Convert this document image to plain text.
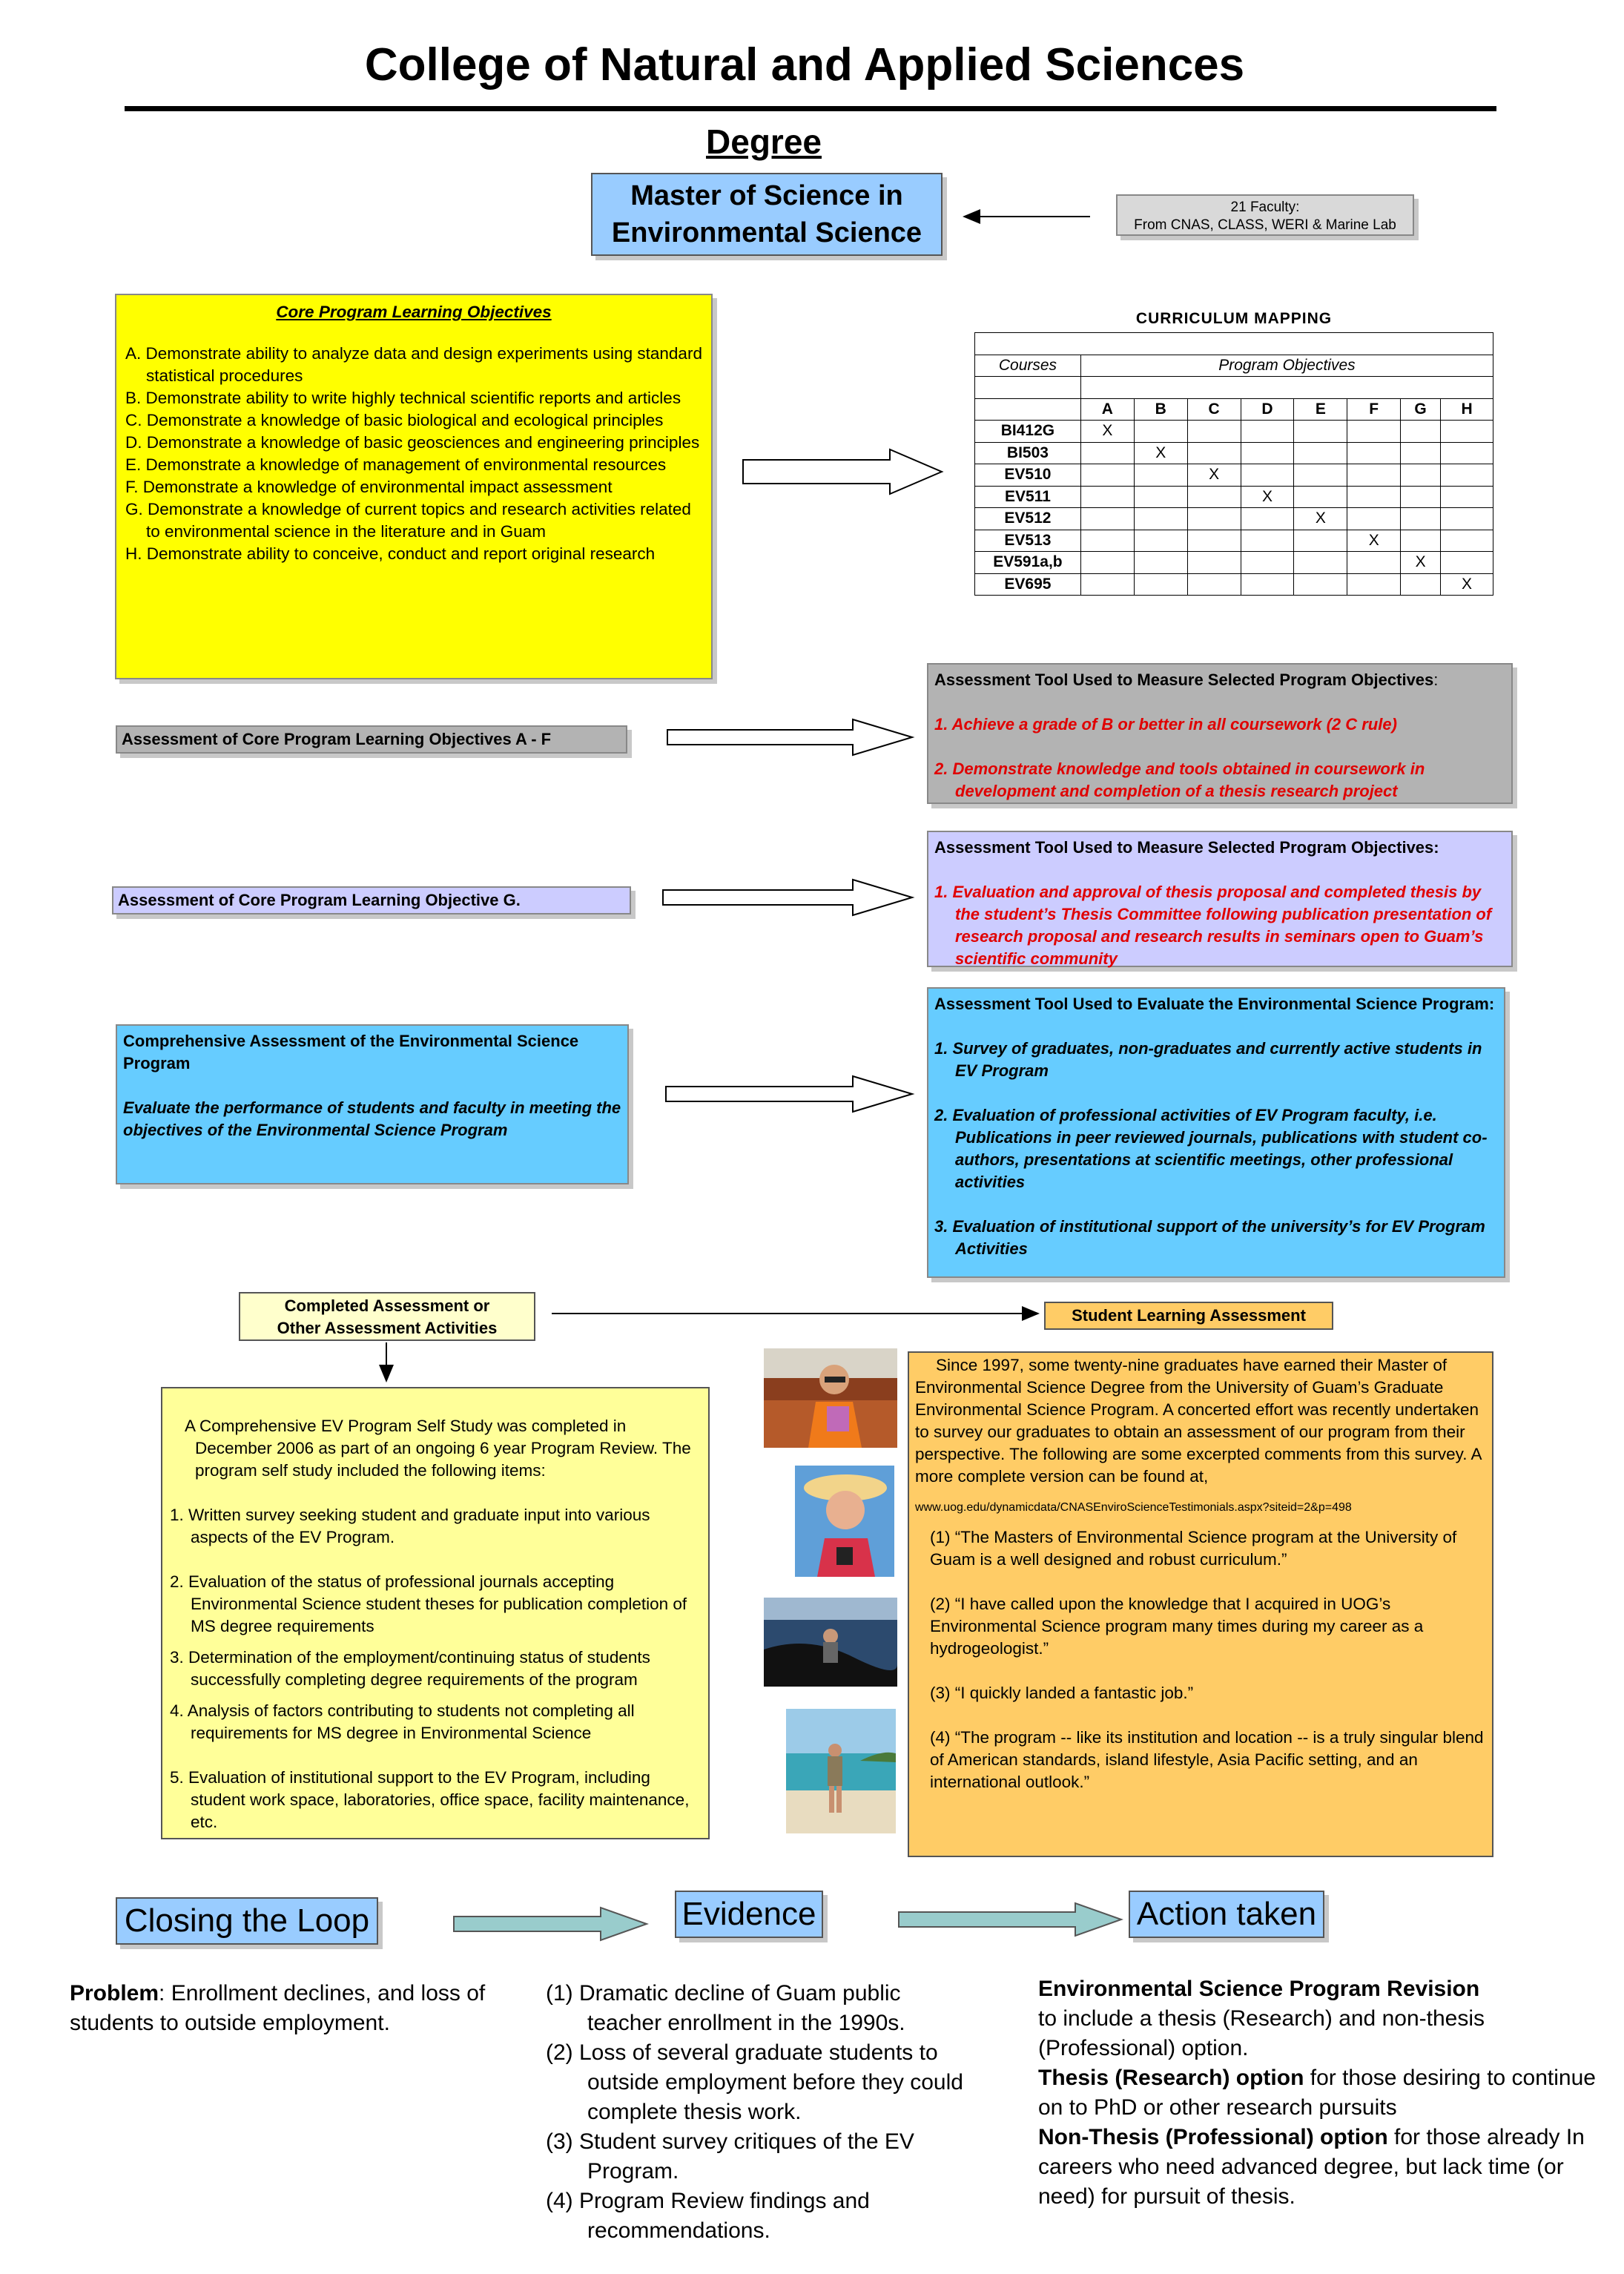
College of Natural and Applied Sciences
Degree
Master of Science in
Environmental Science
21 Faculty:
From CNAS, CLASS, WERI & Marine Lab
Core Program Learning Objectives
A. Demonstrate ability to analyze data and design experiments using standard statistical procedures
B. Demonstrate ability to write highly technical scientific reports and articles
C. Demonstrate a knowledge of basic biological and ecological principles
D. Demonstrate a knowledge of basic geosciences and engineering principles
E. Demonstrate a knowledge of management of environmental resources
F. Demonstrate a knowledge of environmental impact assessment
G. Demonstrate a knowledge of current topics and research activities related to environmental science in the literature and in Guam
H. Demonstrate ability to conceive, conduct and report original research
CURRICULUM MAPPING

Courses	Program Objectives							

	A	B	C	D	E	F	G	H
BI412G	X							
BI503		X						
EV510			X					
EV511				X				
EV512					X			
EV513						X		
EV591a,b							X	
EV695								X
Assessment of Core Program Learning Objectives A - F
Assessment Tool Used to Measure Selected Program Objectives:
1. Achieve a grade of B or better in all coursework (2 C rule)
2. Demonstrate knowledge and tools obtained in coursework in development and completion of a thesis research project
Assessment of Core Program Learning Objective G.
Assessment Tool Used to Measure Selected Program Objectives:
1. Evaluation and approval of thesis proposal and completed thesis by the student’s Thesis Committee following publication presentation of research proposal and research results in seminars open to Guam’s scientific community
Comprehensive Assessment of the Environmental Science Program
Evaluate the performance of students and faculty in meeting the objectives of the Environmental Science Program
Assessment Tool Used to Evaluate the Environmental Science Program:
1. Survey of graduates, non-graduates and currently active students in EV Program
2. Evaluation of professional activities of EV Program faculty, i.e. Publications in peer reviewed journals, publications with student co-authors, presentations at scientific meetings, other professional activities
3. Evaluation of institutional support of the university’s for EV Program Activities
Completed Assessment or
Other Assessment Activities
Student Learning Assessment
A Comprehensive EV Program Self Study was completed in December 2006 as part of an ongoing 6 year Program Review. The program self study included the following items:
1. Written survey seeking student and graduate input into various aspects of the EV Program.
2. Evaluation of the status of professional journals accepting Environmental Science student theses for publication completion of MS degree requirements
3. Determination of the employment/continuing status of students successfully completing degree requirements of the program
4. Analysis of factors contributing to students not completing all requirements for MS degree in Environmental Science
5. Evaluation of institutional support to the EV Program, including student work space, laboratories, office space, facility maintenance, etc.
Since 1997, some twenty-nine graduates have earned their Master of Environmental Science Degree from the University of Guam’s Graduate Environmental Science Program. A concerted effort was recently undertaken to survey our graduates to obtain an assessment of our program from their perspective. The following are some excerpted comments from this survey. A more complete version can be found at,
www.uog.edu/dynamicdata/CNASEnviroScienceTestimonials.aspx?siteid=2&p=498
(1) “The Masters of Environmental Science program at the University of Guam is a well designed and robust curriculum.”
(2) “I have called upon the knowledge that I acquired in UOG’s Environmental Science program many times during my career as a hydrogeologist.”
(3) “I quickly landed a fantastic job.”
(4) “The program -- like its institution and location -- is a truly singular blend of American standards, island lifestyle, Asia Pacific setting, and an international outlook.”
Closing the Loop	Evidence	Action taken
Problem: Enrollment declines, and loss of students to outside employment.
(1) Dramatic decline of Guam public teacher enrollment in the 1990s.
(2) Loss of several graduate students to outside employment before they could complete thesis work.
(3) Student survey critiques of the EV Program.
(4) Program Review findings and recommendations.
Environmental Science Program Revision
to include a thesis (Research) and non-thesis (Professional) option.
Thesis (Research) option for those desiring to continue on to PhD or other research pursuits
Non-Thesis (Professional) option for those already In careers who need advanced degree, but lack time (or need) for pursuit of thesis.
